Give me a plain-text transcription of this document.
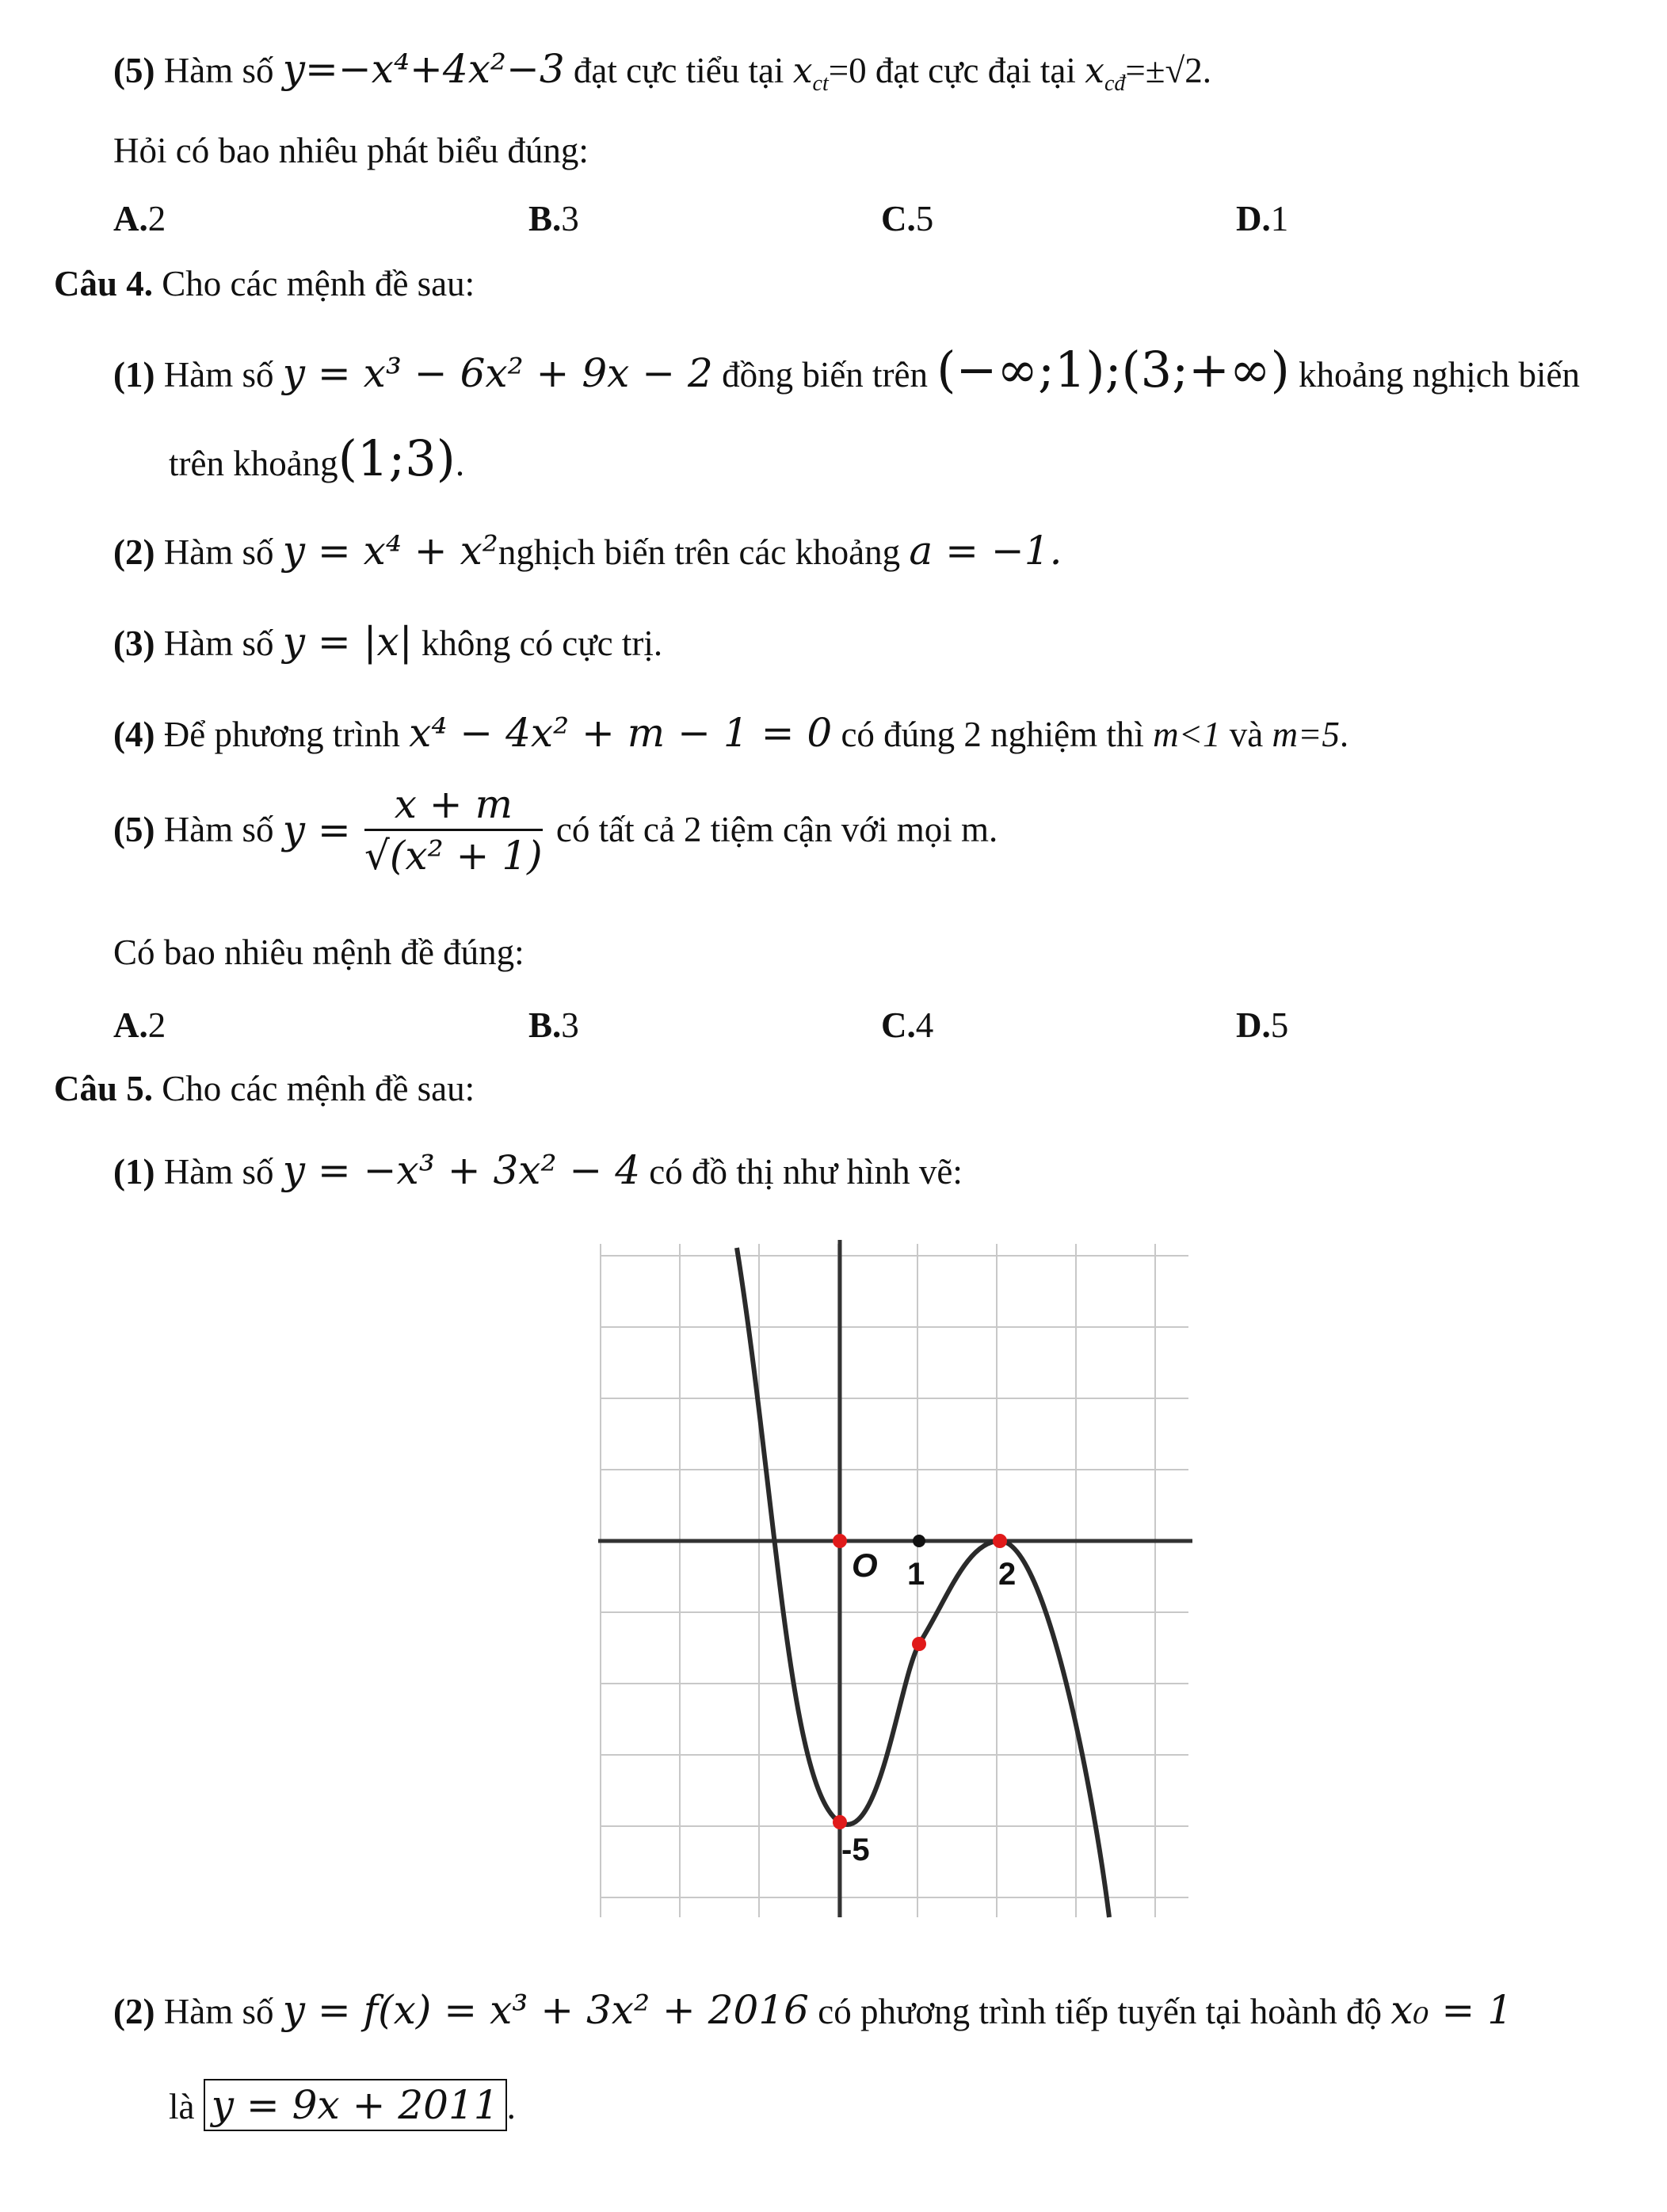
(5) Hàm số y=−x⁴+4x²−3 đạt cực tiểu tại $x_{ct}=0$ đạt cực đại tại $x_{cđ}=\pm√2$.
Hỏi có bao nhiêu phát biểu đúng:
A.2	B.3	C.5	D.1
Câu 4. Cho các mệnh đề sau:
(1) Hàm số y = x³ − 6x² + 9x − 2 đồng biến trên (−∞;1);(3;+∞) khoảng nghịch biến
trên khoảng(1;3).
(2) Hàm số y = x⁴ + x²nghịch biến trên các khoảng a = −1.
(3) Hàm số y = |x| không có cực trị.
(4) Để phương trình x⁴ − 4x² + m − 1 = 0 có đúng 2 nghiệm thì m<1 và m=5.
(5) Hàm số $y = \frac{x + m}{\text{√(x² + 1)}}$ có tất cả 2 tiệm cận với mọi m.
Có bao nhiêu mệnh đề đúng:
A.2	B.3	C.4	D.5
Câu 5. Cho các mệnh đề sau:
(1) Hàm số y = −x³ + 3x² − 4 có đồ thị như hình vẽ:
O 1 2
-5
(2) Hàm số y = f(x) = x³ + 3x² + 2016 có phương trình tiếp tuyến tại hoành độ x₀ = 1
là y = 9x + 2011 .
